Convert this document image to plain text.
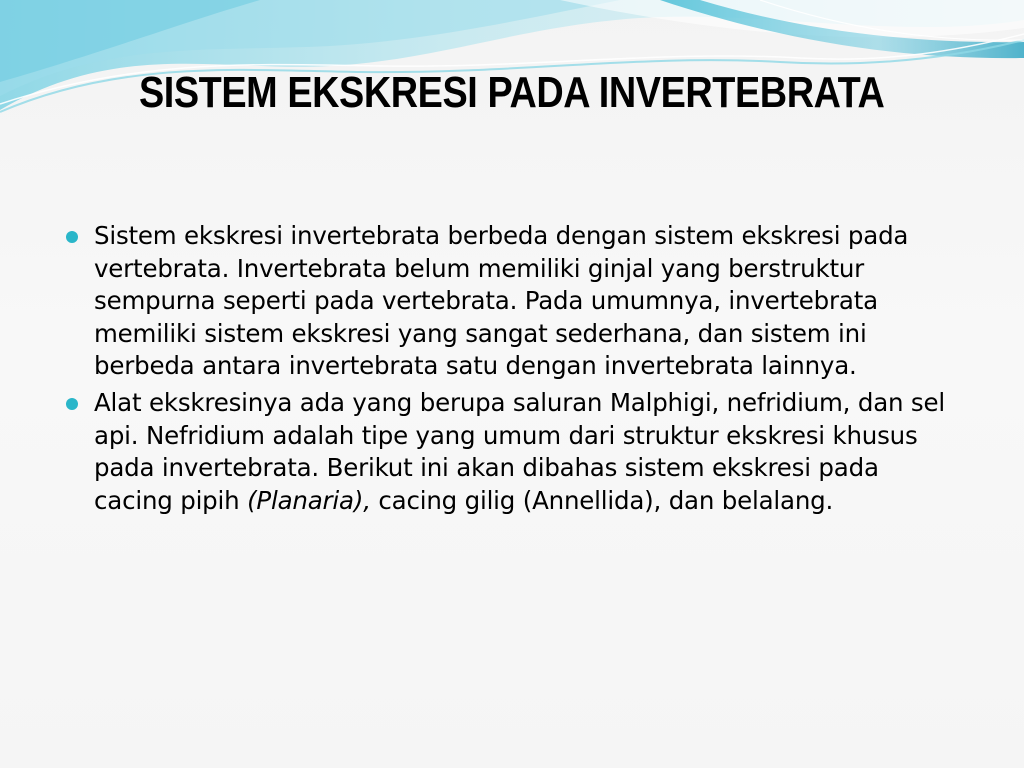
SISTEM EKSKRESI PADA INVERTEBRATA
Sistem ekskresi invertebrata berbeda dengan sistem ekskresi pada vertebrata. Invertebrata belum memiliki ginjal yang berstruktur sempurna seperti pada vertebrata. Pada umumnya, invertebrata memiliki sistem ekskresi yang sangat sederhana, dan sistem ini berbeda antara invertebrata satu dengan invertebrata lainnya.
Alat ekskresinya ada yang berupa saluran Malphigi, nefridium, dan sel api. Nefridium adalah tipe yang umum dari struktur ekskresi khusus pada invertebrata. Berikut ini akan dibahas sistem ekskresi pada cacing pipih (Planaria), cacing gilig (Annellida), dan belalang.
